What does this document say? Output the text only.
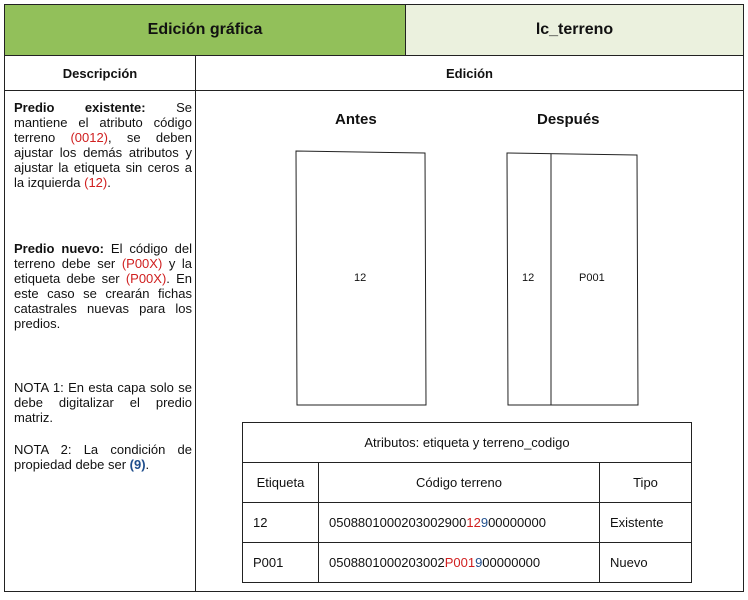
Edición gráfica	lc_terreno
Descripción	Edición
Predio existente: Se mantiene el atributo código terreno (0012), se deben ajustar los demás atributos y ajustar la etiqueta sin ceros a la izquierda (12).
Predio nuevo: El código del terreno debe ser (P00X) y la etiqueta debe ser (P00X). En este caso se crearán fichas catastrales nuevas para los predios.
NOTA 1: En esta capa solo se debe digitalizar el predio matriz.
NOTA 2: La condición de propiedad debe ser (9).
Antes	Después
12	12	P001
Atributos: etiqueta y terreno_codigo		
Etiqueta	Código terreno	Tipo
12	050880100020300290012900000000	Existente
P001	0508801000203002P001900000000	Nuevo
